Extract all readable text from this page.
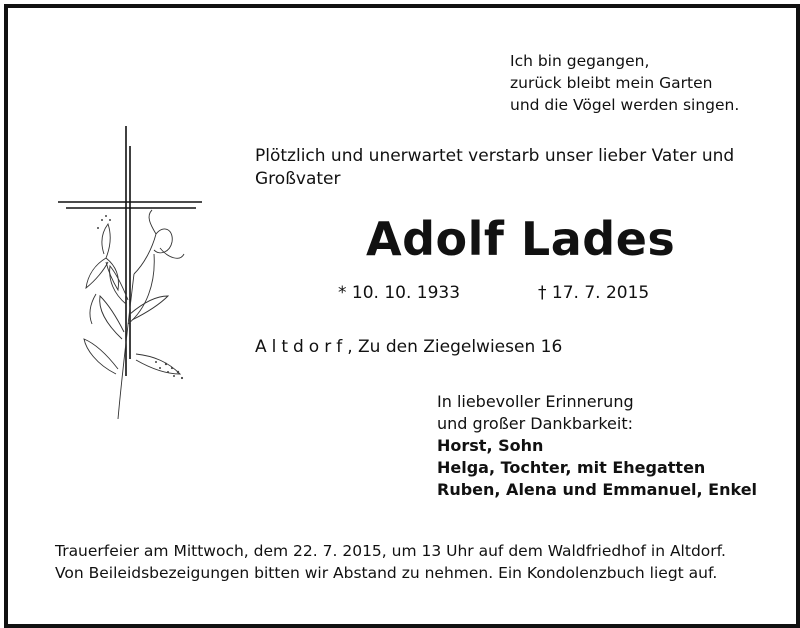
Ich bin gegangen,
zurück bleibt mein Garten
und die Vögel werden singen.
Plötzlich und unerwartet verstarb unser lieber Vater und Großvater
Adolf Lades
* 10. 10. 1933	† 17. 7. 2015
Altdorf, Zu den Ziegelwiesen 16
In liebevoller Erinnerung
und großer Dankbarkeit:
Horst, Sohn
Helga, Tochter, mit Ehegatten
Ruben, Alena und Emmanuel, Enkel
Trauerfeier am Mittwoch, dem 22. 7. 2015, um 13 Uhr auf dem Waldfriedhof in Altdorf.
Von Beileidsbezeigungen bitten wir Abstand zu nehmen. Ein Kondolenzbuch liegt auf.
